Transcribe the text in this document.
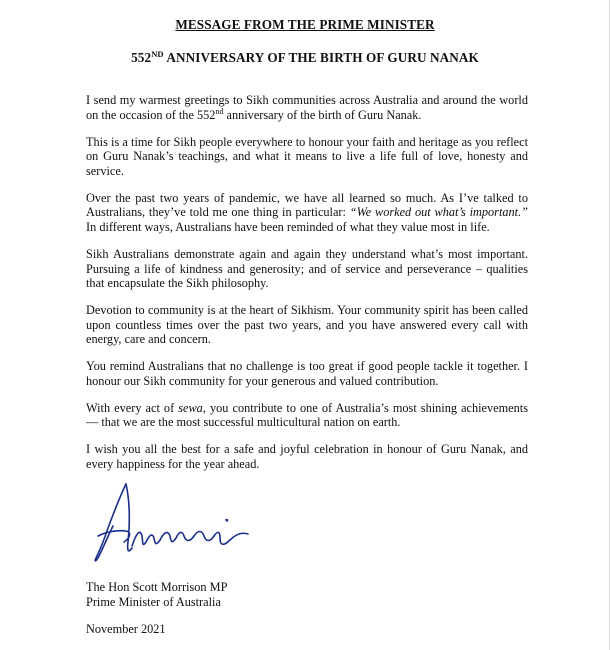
MESSAGE FROM THE PRIME MINISTER
552ND ANNIVERSARY OF THE BIRTH OF GURU NANAK

I send my warmest greetings to Sikh communities across Australia and around the world on the occasion of the 552nd anniversary of the birth of Guru Nanak.

This is a time for Sikh people everywhere to honour your faith and heritage as you reflect on Guru Nanak’s teachings, and what it means to live a life full of love, honesty and service.

Over the past two years of pandemic, we have all learned so much. As I’ve talked to Australians, they’ve told me one thing in particular: “We worked out what’s important.” In different ways, Australians have been reminded of what they value most in life.

Sikh Australians demonstrate again and again they understand what’s most important. Pursuing a life of kindness and generosity; and of service and perseverance – qualities that encapsulate the Sikh philosophy.

Devotion to community is at the heart of Sikhism. Your community spirit has been called upon countless times over the past two years, and you have answered every call with energy, care and concern.

You remind Australians that no challenge is too great if good people tackle it together. I honour our Sikh community for your generous and valued contribution.

With every act of sewa, you contribute to one of Australia’s most shining achievements — that we are the most successful multicultural nation on earth.

I wish you all the best for a safe and joyful celebration in honour of Guru Nanak, and every happiness for the year ahead.

The Hon Scott Morrison MP
Prime Minister of Australia
November 2021
